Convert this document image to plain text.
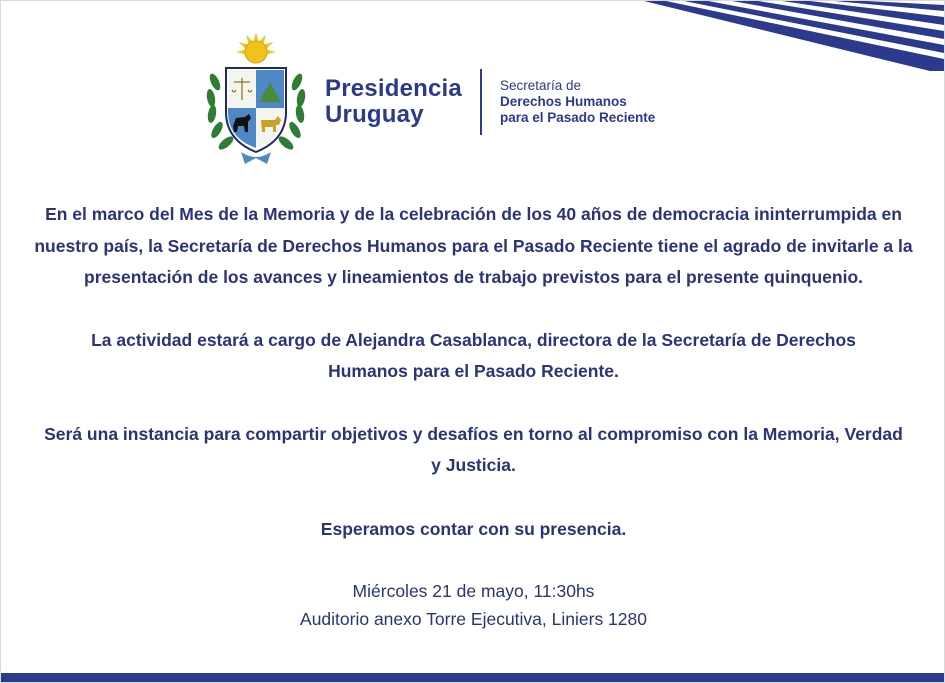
Presidencia
Uruguay
Secretaría de
Derechos Humanos
para el Pasado Reciente

En el marco del Mes de la Memoria y de la celebración de los 40 años de democracia ininterrumpida en nuestro país, la Secretaría de Derechos Humanos para el Pasado Reciente tiene el agrado de invitarle a la presentación de los avances y lineamientos de trabajo previstos para el presente quinquenio.

La actividad estará a cargo de Alejandra Casablanca, directora de la Secretaría de Derechos Humanos para el Pasado Reciente.

Será una instancia para compartir objetivos y desafíos en torno al compromiso con la Memoria, Verdad y Justicia.

Esperamos contar con su presencia.

Miércoles 21 de mayo, 11:30hs
Auditorio anexo Torre Ejecutiva, Liniers 1280
